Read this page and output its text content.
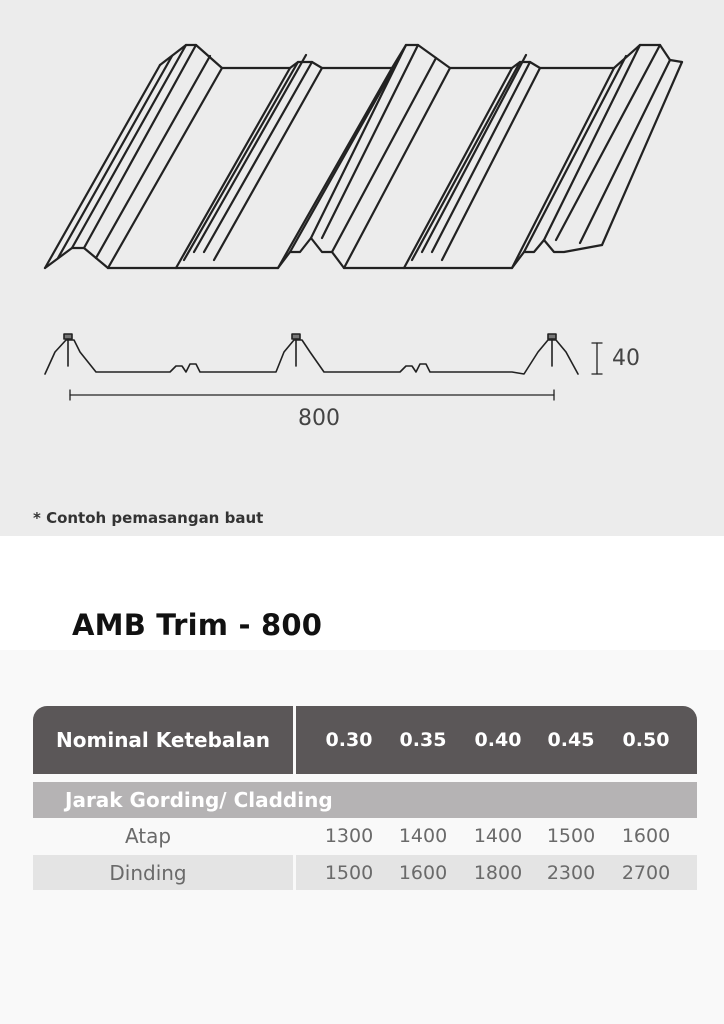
800
40
* Contoh pemasangan baut
AMB Trim - 800
Nominal Ketebalan	0.30	0.35	0.40	0.45	0.50
Jarak Gording/ Cladding
Atap	1300	1400	1400	1500	1600
Dinding	1500	1600	1800	2300	2700
